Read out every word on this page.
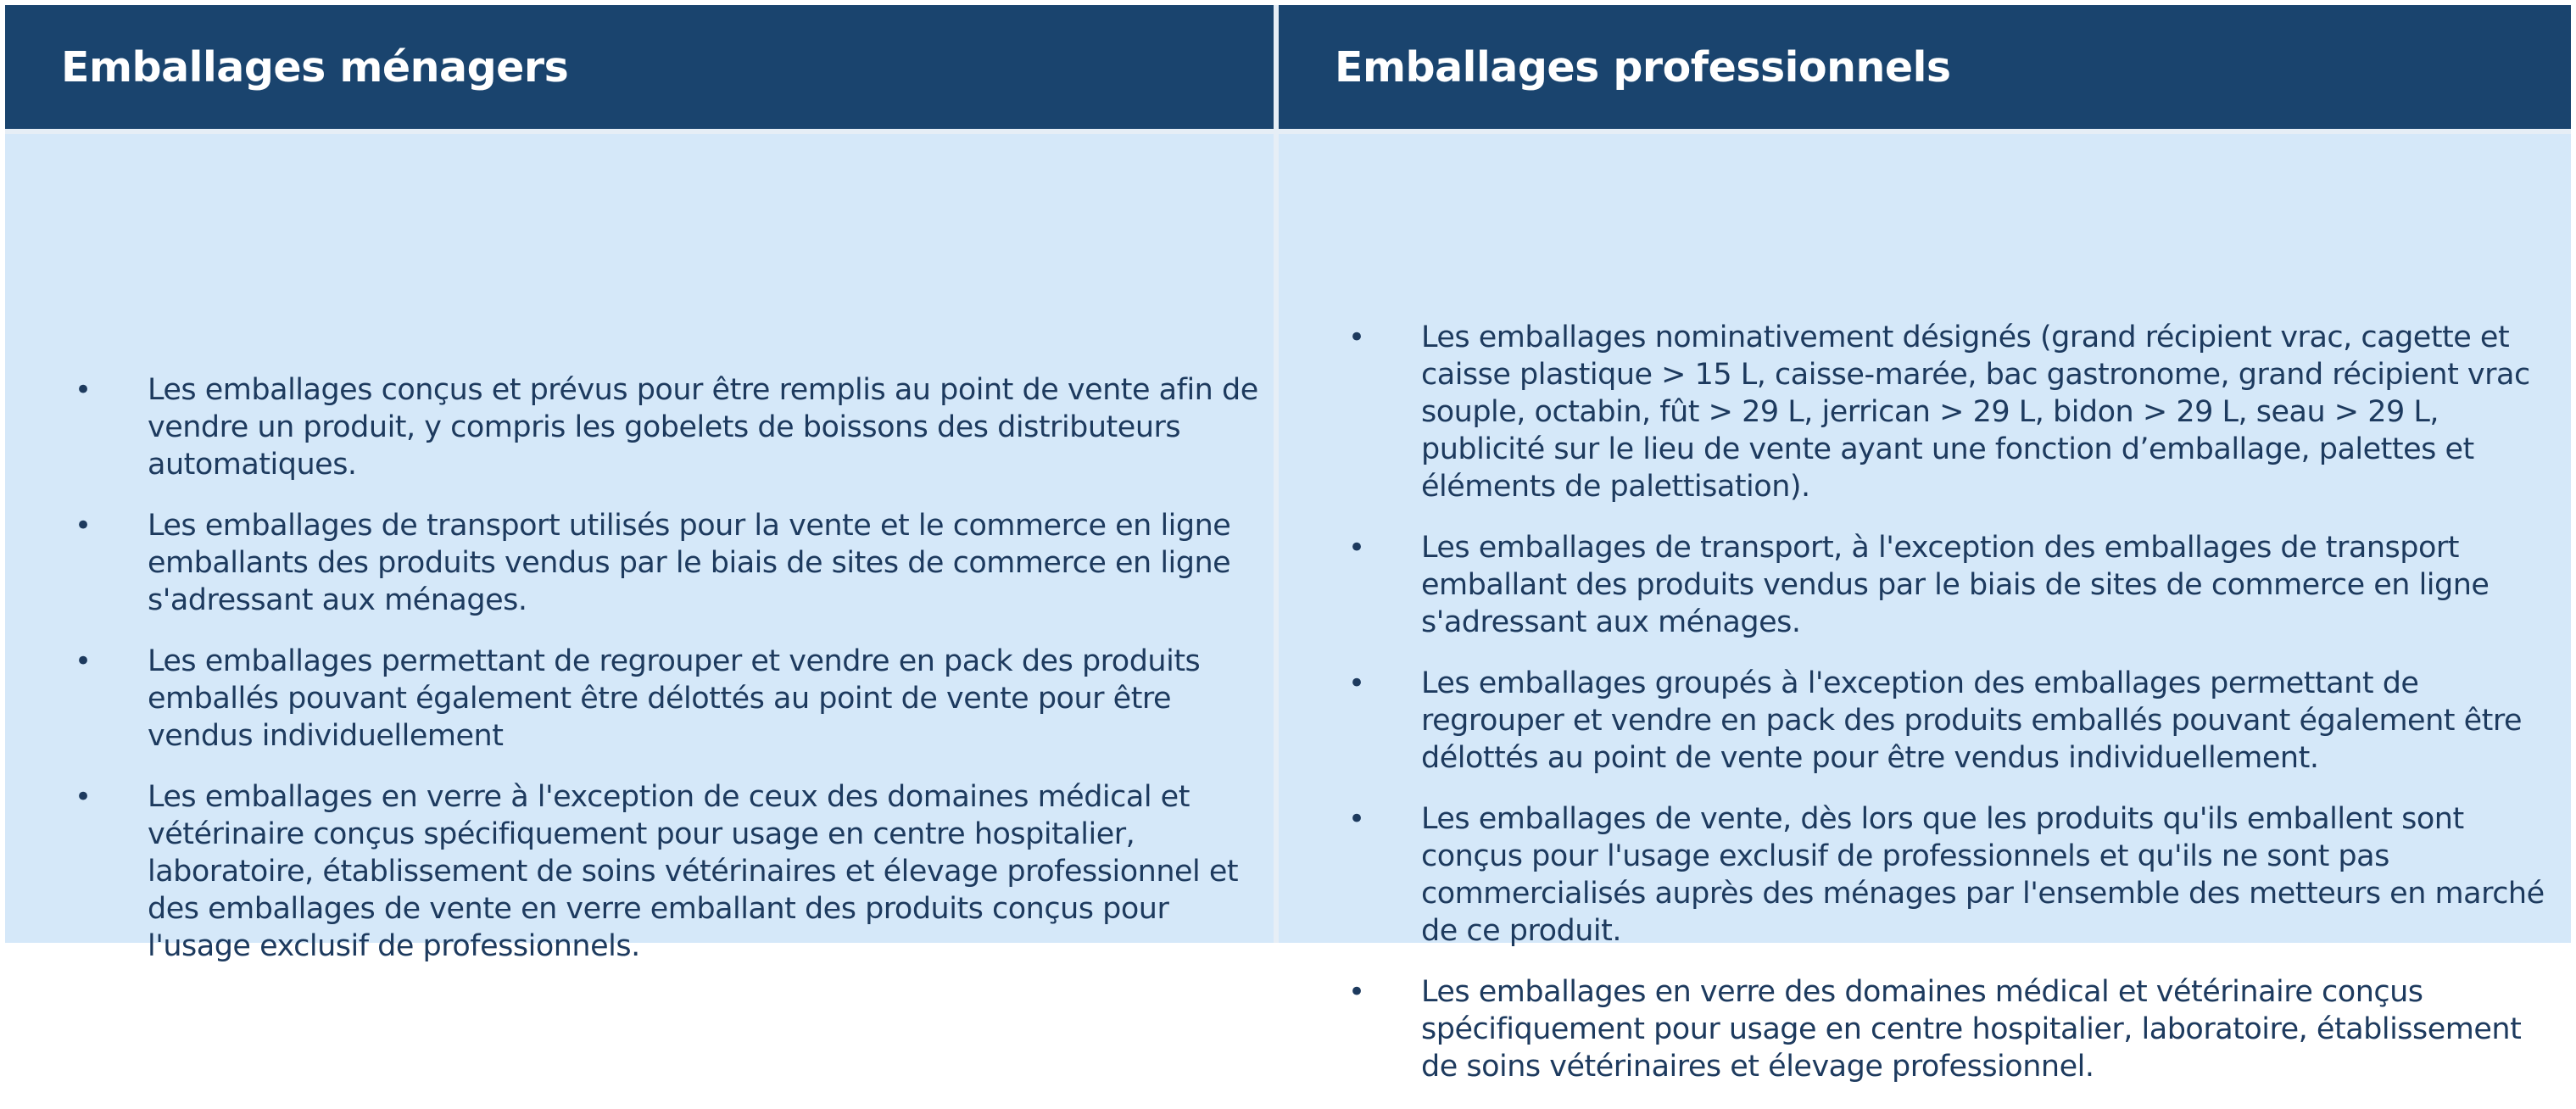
Emballages ménagers	Emballages professionnels
• Les emballages conçus et prévus pour être remplis au point de vente afin de vendre un produit, y compris les gobelets de boissons des distributeurs automatiques.
• Les emballages de transport utilisés pour la vente et le commerce en ligne emballants des produits vendus par le biais de sites de commerce en ligne s'adressant aux ménages.
• Les emballages permettant de regrouper et vendre en pack des produits emballés pouvant également être délottés au point de vente pour être vendus individuellement
• Les emballages en verre à l'exception de ceux des domaines médical et vétérinaire conçus spécifiquement pour usage en centre hospitalier, laboratoire, établissement de soins vétérinaires et élevage professionnel et des emballages de vente en verre emballant des produits conçus pour l'usage exclusif de professionnels.
• Les emballages nominativement désignés (grand récipient vrac, cagette et caisse plastique > 15 L, caisse-marée, bac gastronome, grand récipient vrac souple, octabin, fût > 29 L, jerrican > 29 L, bidon > 29 L, seau > 29 L, publicité sur le lieu de vente ayant une fonction d’emballage, palettes et éléments de palettisation).
• Les emballages de transport, à l'exception des emballages de transport emballant des produits vendus par le biais de sites de commerce en ligne s'adressant aux ménages.
• Les emballages groupés à l'exception des emballages permettant de regrouper et vendre en pack des produits emballés pouvant également être délottés au point de vente pour être vendus individuellement.
• Les emballages de vente, dès lors que les produits qu'ils emballent sont conçus pour l'usage exclusif de professionnels et qu'ils ne sont pas commercialisés auprès des ménages par l'ensemble des metteurs en marché de ce produit.
• Les emballages en verre des domaines médical et vétérinaire conçus spécifiquement pour usage en centre hospitalier, laboratoire, établissement de soins vétérinaires et élevage professionnel.
